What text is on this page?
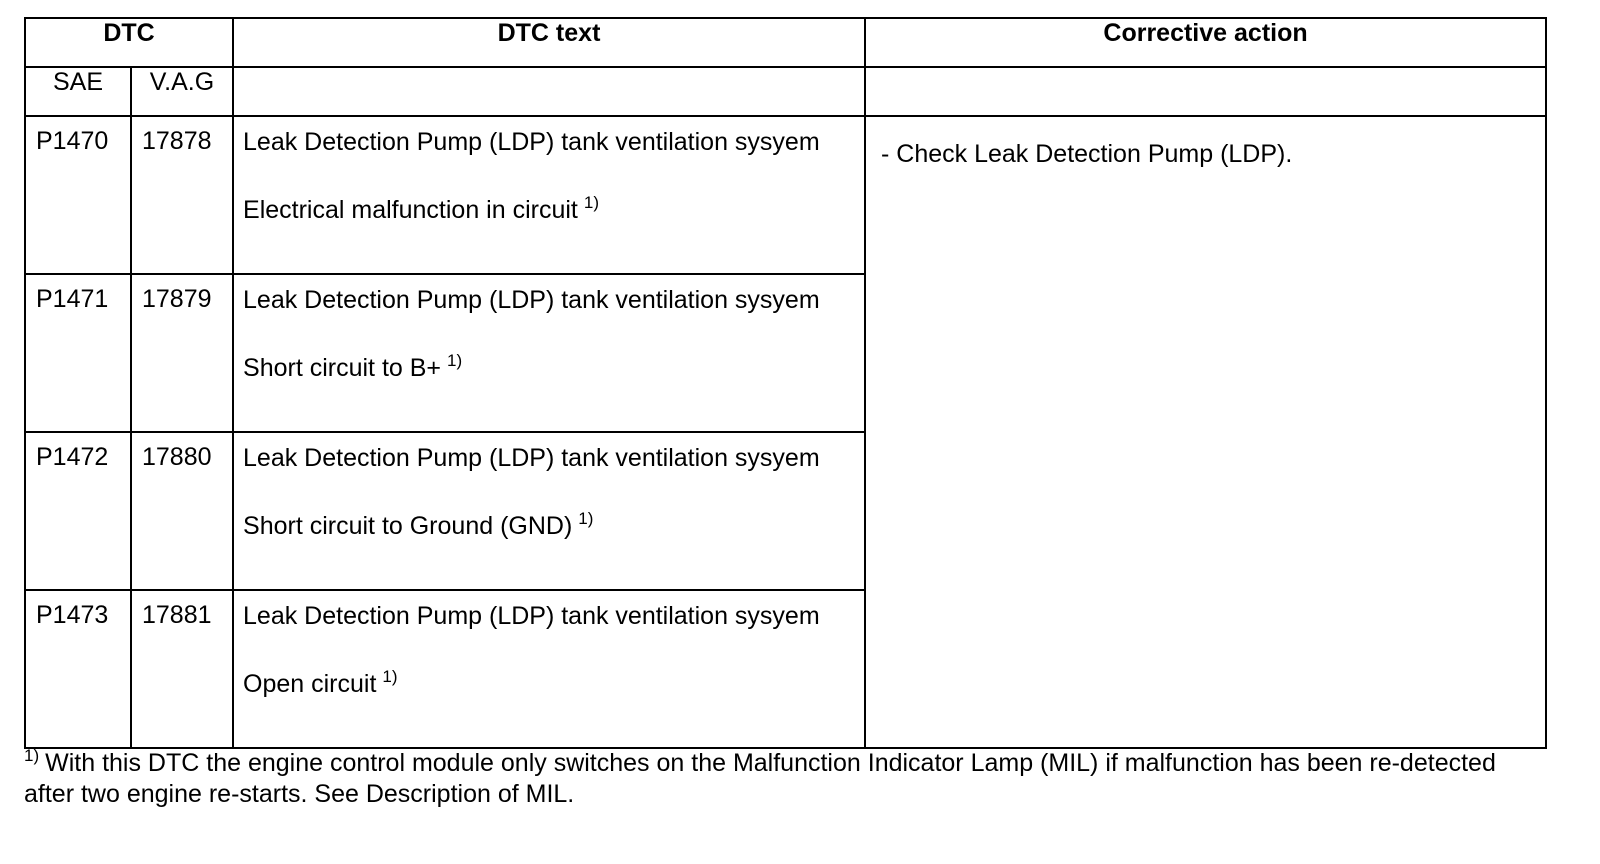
DTC		DTC text	Corrective action
SAE	V.A.G		
P1470	17878	Leak Detection Pump (LDP) tank ventilation sysyem
Electrical malfunction in circuit $^{1)}$	- Check Leak Detection Pump (LDP).
P1471	17879	Leak Detection Pump (LDP) tank ventilation sysyem
Short circuit to B+ $^{1)}$

P1472	17880	Leak Detection Pump (LDP) tank ventilation sysyem
Short circuit to Ground (GND) $^{1)}$

P1473	17881	Leak Detection Pump (LDP) tank ventilation sysyem
Open circuit $^{1)}$
$^{1)}$ With this DTC the engine control module only switches on the Malfunction Indicator Lamp (MIL) if malfunction has been re-detected after two engine re-starts. See Description of MIL.
